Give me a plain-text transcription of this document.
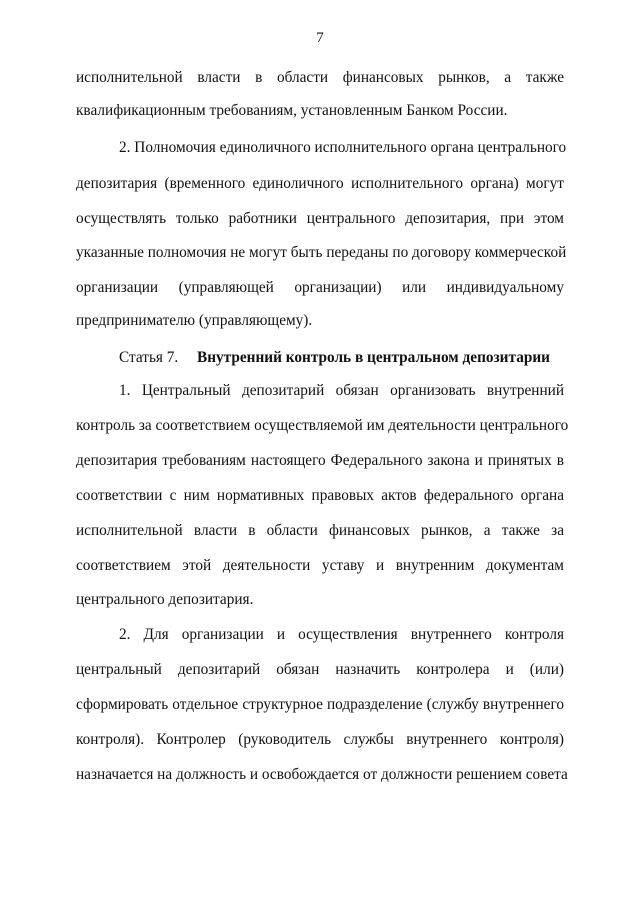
7
исполнительной власти в области финансовых рынков, а также
квалификационным требованиям, установленным Банком России.
2. Полномочия единоличного исполнительного органа центрального
депозитария (временного единоличного исполнительного органа) могут
осуществлять только работники центрального депозитария, при этом
указанные полномочия не могут быть переданы по договору коммерческой
организации (управляющей организации) или индивидуальному
предпринимателю (управляющему).
1. Центральный депозитарий обязан организовать внутренний
контроль за соответствием осуществляемой им деятельности центрального
депозитария требованиям настоящего Федерального закона и принятых в
соответствии с ним нормативных правовых актов федерального органа
исполнительной власти в области финансовых рынков, а также за
соответствием этой деятельности уставу и внутренним документам
центрального депозитария.
2. Для организации и осуществления внутреннего контроля
центральный депозитарий обязан назначить контролера и (или)
сформировать отдельное структурное подразделение (службу внутреннего
контроля). Контролер (руководитель службы внутреннего контроля)
назначается на должность и освобождается от должности решением совета
Статья 7. Внутренний контроль в центральном депозитарии
